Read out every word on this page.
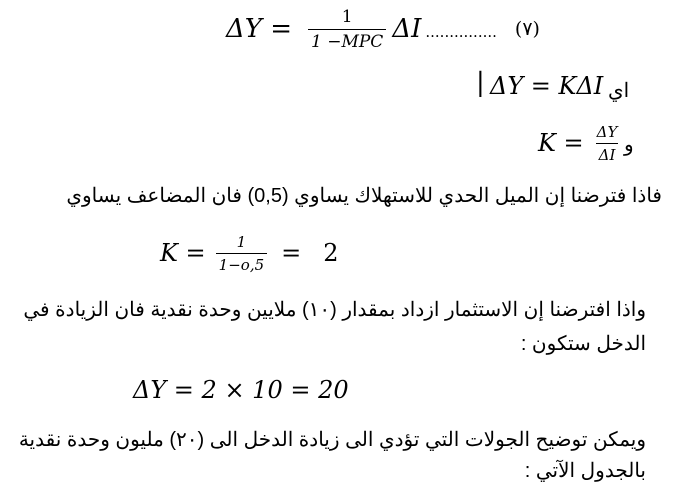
$\Delta Y = \frac{1}{\text{1 −MPC}}$ ΔI ............... (٧)
ΔY = KΔI
|	اي
$K = \frac{\Delta Y}{\Delta I}$ و
فاذا فترضنا إن الميل الحدي للاستهلاك يساوي (0,5) فان المضاعف يساوي
$K = \frac{1}{1-o,5} = 2$
واذا افترضنا إن الاستثمار ازداد بمقدار (١٠) ملايين وحدة نقدية فان الزيادة في
الدخل ستكون :
ΔY = 2 × 10 = 20
ويمكن توضيح الجولات التي تؤدي الى زيادة الدخل الى (٢٠) مليون وحدة نقدية
بالجدول الآتي :
